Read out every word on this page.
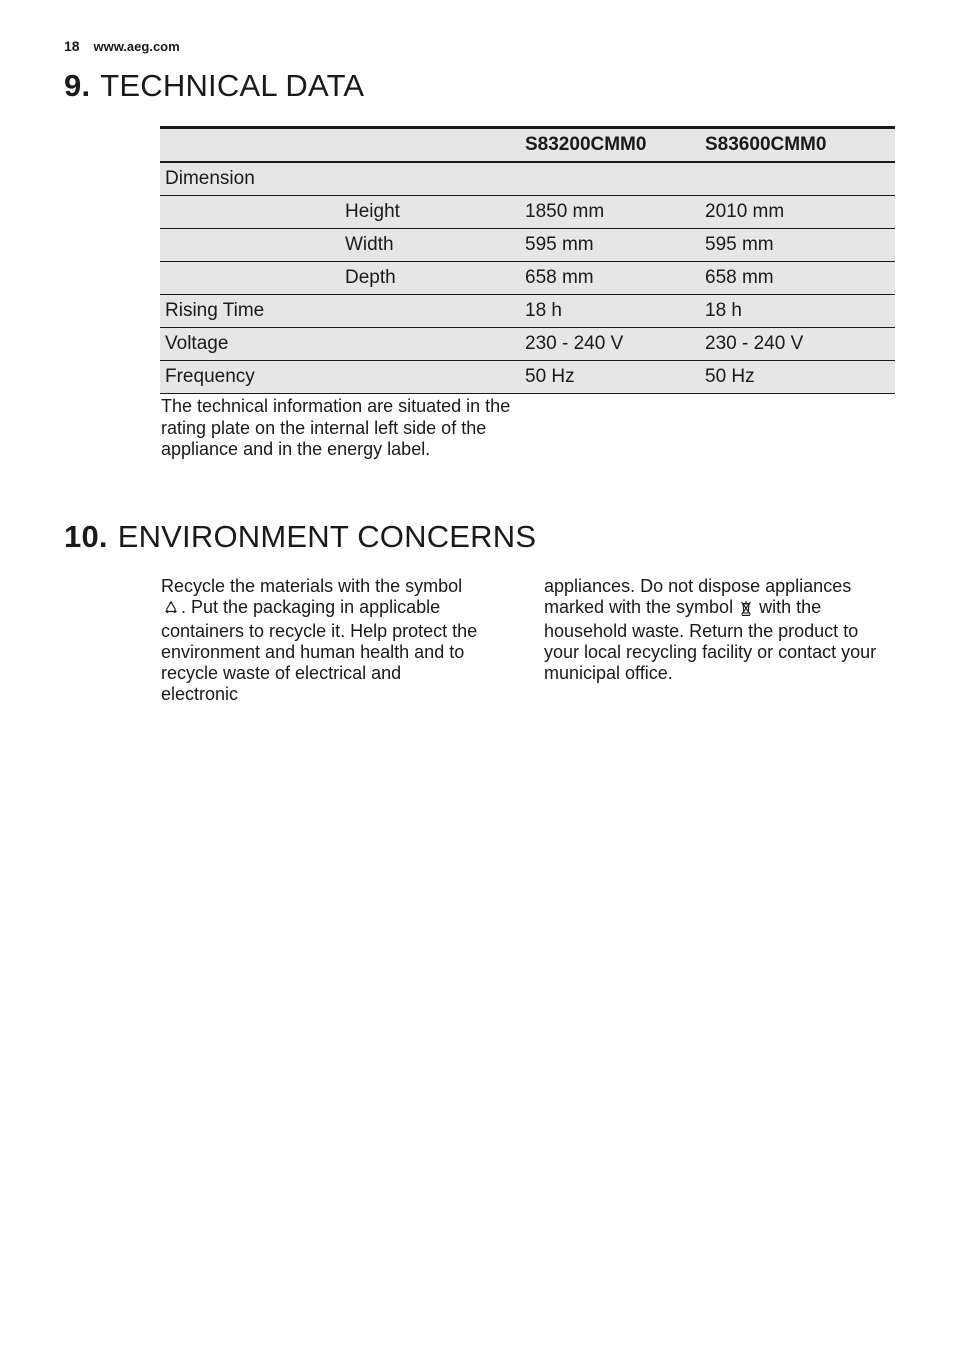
18 www.aeg.com
9. TECHNICAL DATA
		S83200CMM0	S83600CMM0
Dimension			
	Height	1850 mm	2010 mm
	Width	595 mm	595 mm
	Depth	658 mm	658 mm
Rising Time		18 h	18 h
Voltage		230 - 240 V	230 - 240 V
Frequency		50 Hz	50 Hz

The technical information are situated in the rating plate on the internal left side of the appliance and in the energy label.

10. ENVIRONMENT CONCERNS
Recycle the materials with the symbol . Put the packaging in applicable containers to recycle it. Help protect the environment and human health and to recycle waste of electrical and electronic
appliances. Do not dispose appliances marked with the symbol with the household waste. Return the product to your local recycling facility or contact your municipal office.
